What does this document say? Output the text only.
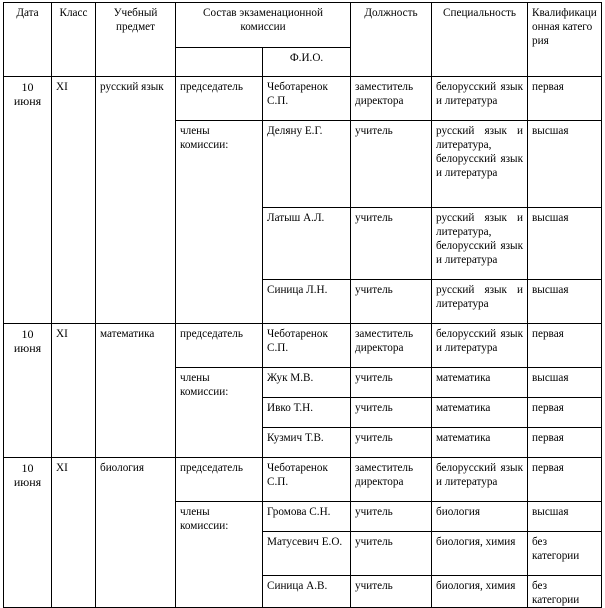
Дата	Класс	Учебный предмет	Состав экзаменационной комиссии		Должность	Специальность	Квалификационная категория
				Ф.И.О.			
10 июня	XI	русский язык	председатель	Чеботаренок С.П.	заместитель директора	белорусский язык и литература	первая
			члены комиссии:	Деляну Е.Г.	учитель	русский язык и литература, белорусский язык и литература	высшая
				Латыш А.Л.	учитель	русский язык и литература, белорусский язык и литература	высшая
				Синица Л.Н.	учитель	русский язык и литература	высшая
10 июня	XI	математика	председатель	Чеботаренок С.П.	заместитель директора	белорусский язык и литература	первая
			члены комиссии:	Жук М.В.	учитель	математика	высшая
				Ивко Т.Н.	учитель	математика	первая
				Кузмич Т.В.	учитель	математика	первая
10 июня	XI	биология	председатель	Чеботаренок С.П.	заместитель директора	белорусский язык и литература	первая
			члены комиссии:	Громова С.Н.	учитель	биология	высшая
				Матусевич Е.О.	учитель	биология, химия	без категории
				Синица А.В.	учитель	биология, химия	без категории
